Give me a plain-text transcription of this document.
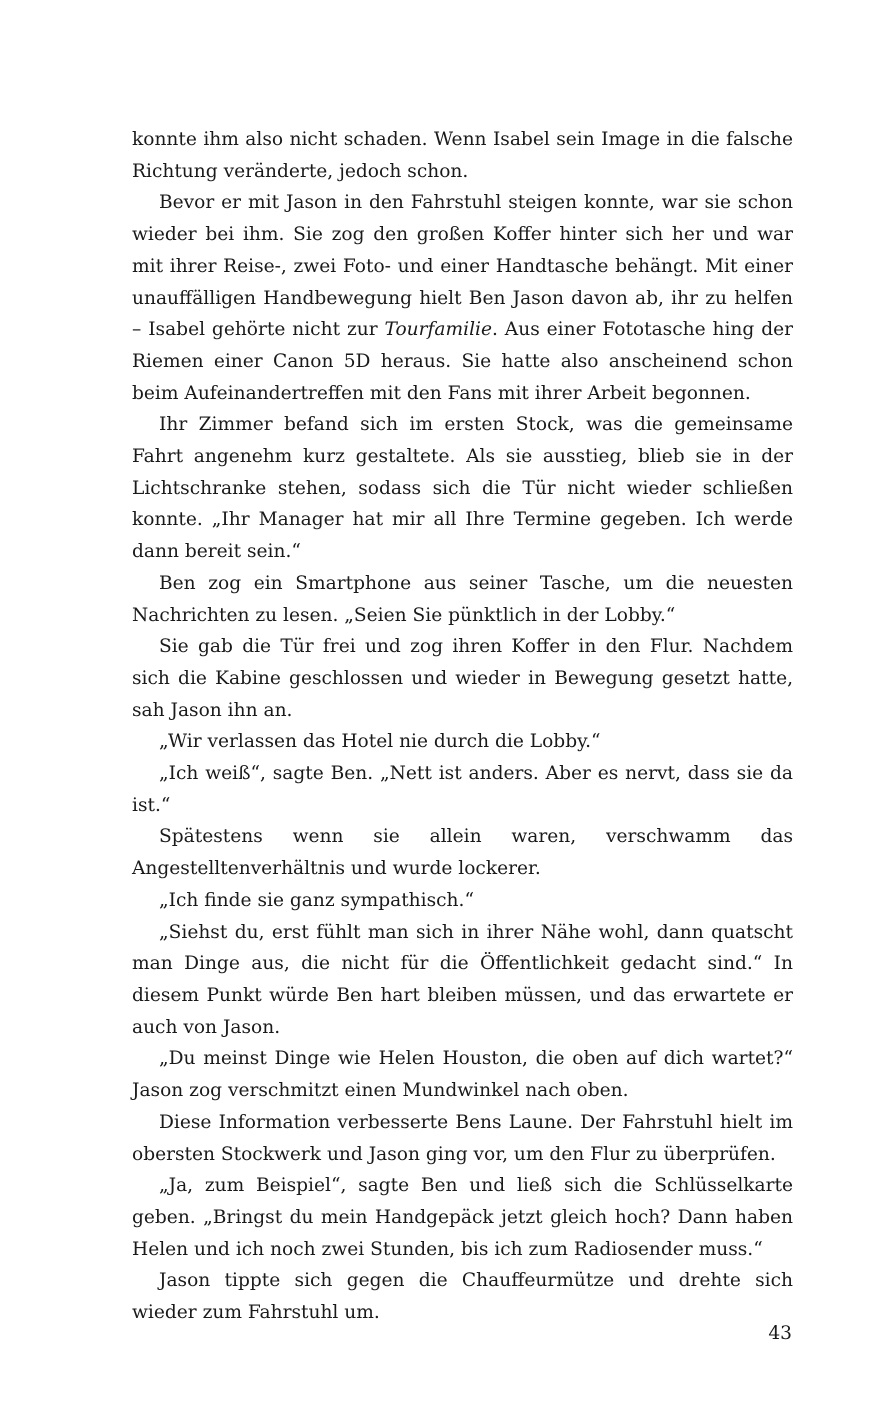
konnte ihm also nicht schaden. Wenn Isabel sein Image in die falsche Richtung veränderte, jedoch schon.

Bevor er mit Jason in den Fahrstuhl steigen konnte, war sie schon wieder bei ihm. Sie zog den großen Koffer hinter sich her und war mit ihrer Reise-, zwei Foto- und einer Handtasche behängt. Mit einer unauffälligen Handbewegung hielt Ben Jason davon ab, ihr zu helfen – Isabel gehörte nicht zur Tourfamilie. Aus einer Fototasche hing der Riemen einer Canon 5D heraus. Sie hatte also anscheinend schon beim Aufeinandertreffen mit den Fans mit ihrer Arbeit begonnen.

Ihr Zimmer befand sich im ersten Stock, was die gemeinsame Fahrt angenehm kurz gestaltete. Als sie ausstieg, blieb sie in der Lichtschranke stehen, sodass sich die Tür nicht wieder schließen konnte. „Ihr Manager hat mir all Ihre Termine gegeben. Ich werde dann bereit sein.“

Ben zog ein Smartphone aus seiner Tasche, um die neuesten Nachrichten zu lesen. „Seien Sie pünktlich in der Lobby.“

Sie gab die Tür frei und zog ihren Koffer in den Flur. Nachdem sich die Kabine geschlossen und wieder in Bewegung gesetzt hatte, sah Jason ihn an.

„Wir verlassen das Hotel nie durch die Lobby.“

„Ich weiß“, sagte Ben. „Nett ist anders. Aber es nervt, dass sie da ist.“

Spätestens wenn sie allein waren, verschwamm das Angestelltenverhältnis und wurde lockerer.

„Ich finde sie ganz sympathisch.“

„Siehst du, erst fühlt man sich in ihrer Nähe wohl, dann quatscht man Dinge aus, die nicht für die Öffentlichkeit gedacht sind.“ In diesem Punkt würde Ben hart bleiben müssen, und das erwartete er auch von Jason.

„Du meinst Dinge wie Helen Houston, die oben auf dich wartet?“ Jason zog verschmitzt einen Mundwinkel nach oben.

Diese Information verbesserte Bens Laune. Der Fahrstuhl hielt im obersten Stockwerk und Jason ging vor, um den Flur zu überprüfen.

„Ja, zum Beispiel“, sagte Ben und ließ sich die Schlüsselkarte geben. „Bringst du mein Handgepäck jetzt gleich hoch? Dann haben Helen und ich noch zwei Stunden, bis ich zum Radiosender muss.“

Jason tippte sich gegen die Chauffeurmütze und drehte sich wieder zum Fahrstuhl um.

43
